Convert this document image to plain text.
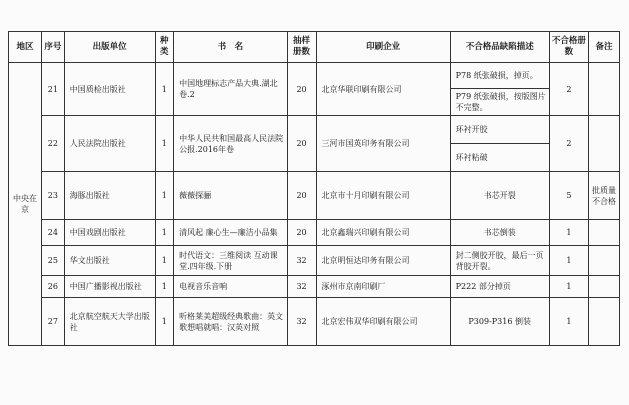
地区	序号	出版单位	种类	书　名	抽样册数	印刷企业	不合格品缺陷描述	不合格册数	备注
中央在京	21	中国质检出版社	1	中国地理标志产品大典.湖北卷.2	20	北京华联印刷有限公司	P78 纸张破损，掉页。	2	
							P79 纸张破损，按版图片不完整。		
	22	人民法院出版社	1	中华人民共和国最高人民法院公报.2016年卷	20	三河市国英印务有限公司	环衬开胶	2	
							环衬粘破		
	23	海豚出版社	1	薇薇探骊	20	北京市十月印刷有限公司	书芯开裂	5	批质量不合格
	24	中国戏剧出版社	1	清风起 廉心生—廉洁小品集	20	北京鑫瑞兴印刷有限公司	书芯倒装	1	
	25	华文出版社	1	时代语文：三维阅读 互动课堂.四年级.下册	32	北京明恒达印务有限公司	封二侧胶开胶，最后一页背胶开裂。	1	
	26	中国广播影视出版社	1	电视音乐音响	32	涿州市京南印刷厂	P222 部分掉页	1	
	27	北京航空航天大学出版社	1	听格莱美超级经典歌曲：英文歌想唱就唱：汉英对照	32	北京宏伟双华印刷有限公司	P309-P316 倒装	1	
